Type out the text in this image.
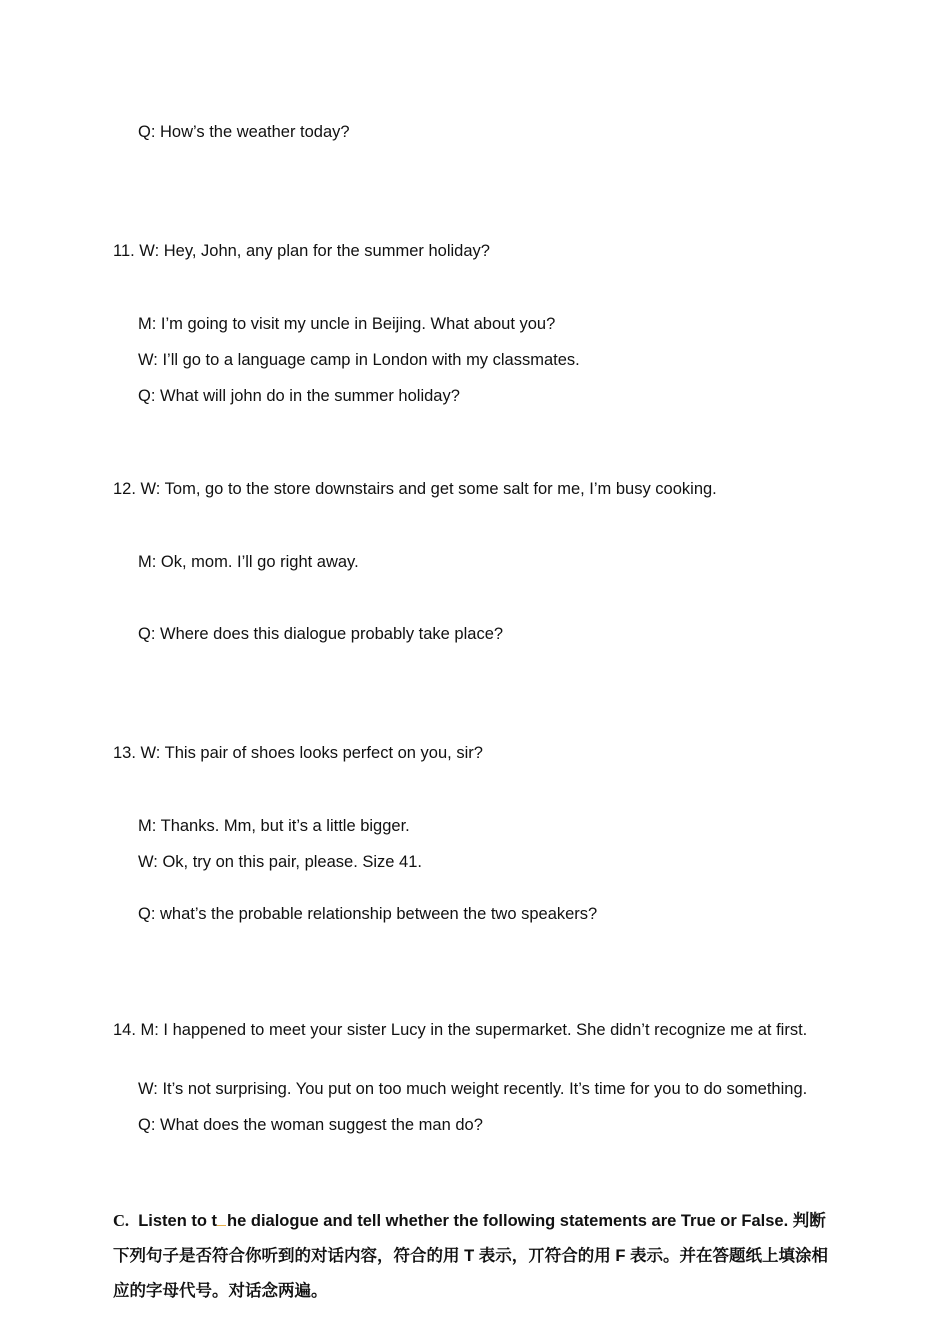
Q: How’s the weather today?
11. W: Hey, John, any plan for the summer holiday?
M: I’m going to visit my uncle in Beijing. What about you?
W: I’ll go to a language camp in London with my classmates.
Q: What will john do in the summer holiday?
12. W: Tom, go to the store downstairs and get some salt for me, I’m busy cooking.
M: Ok, mom. I’ll go right away.
Q: Where does this dialogue probably take place?
13. W: This pair of shoes looks perfect on you, sir?
M: Thanks. Mm, but it’s a little bigger.
W: Ok, try on this pair, please. Size 41.
Q: what’s the probable relationship between the two speakers?
14. M: I happened to meet your sister Lucy in the supermarket. She didn’t recognize me at first.
W: It’s not surprising. You put on too much weight recently. It’s time for you to do something.
Q: What does the woman suggest the man do?
C. Listen to t he dialogue and tell whether the following statements are True or False. 判断下列句子是否符合你听到的对话内容，符合的用 T 表示，丌符合的用 F 表示。并在答题纸上填涂相应的字母代号。对话念两遍。
